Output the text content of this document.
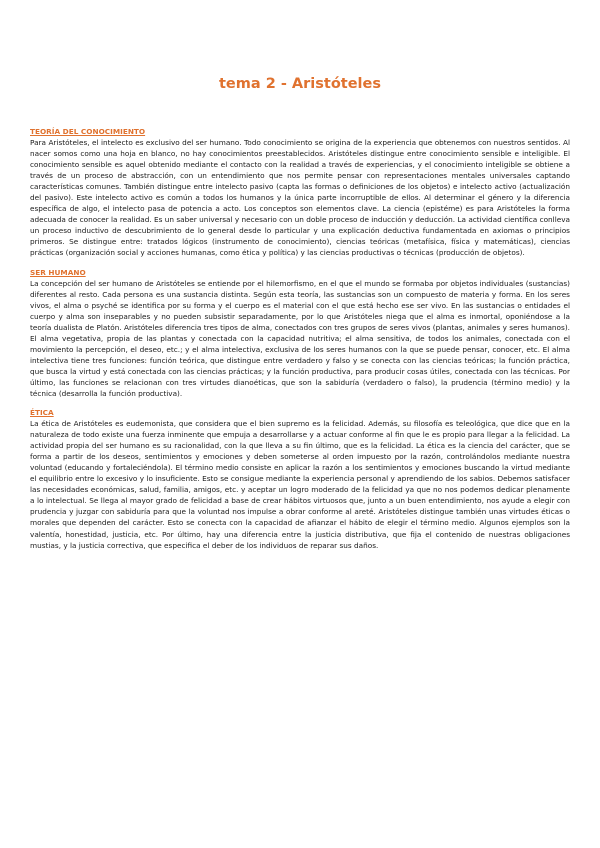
tema 2 - Aristóteles
TEORÍA DEL CONOCIMIENTO

Para Aristóteles, el intelecto es exclusivo del ser humano. Todo conocimiento se origina de la experiencia que obtenemos con nuestros sentidos. Al nacer somos como una hoja en blanco, no hay conocimientos preestablecidos. Aristóteles distingue entre conocimiento sensible e inteligible. El conocimiento sensible es aquel obtenido mediante el contacto con la realidad a través de experiencias, y el conocimiento inteligible se obtiene a través de un proceso de abstracción, con un entendimiento que nos permite pensar con representaciones mentales universales captando características comunes. También distingue entre intelecto pasivo (capta las formas o definiciones de los objetos) e intelecto activo (actualización del pasivo). Este intelecto activo es común a todos los humanos y la única parte incorruptible de ellos. Al determinar el género y la diferencia específica de algo, el intelecto pasa de potencia a acto. Los conceptos son elementos clave. La ciencia (epistéme) es para Aristóteles la forma adecuada de conocer la realidad. Es un saber universal y necesario con un doble proceso de inducción y deducción. La actividad científica conlleva un proceso inductivo de descubrimiento de lo general desde lo particular y una explicación deductiva fundamentada en axiomas o principios primeros. Se distingue entre: tratados lógicos (instrumento de conocimiento), ciencias teóricas (metafísica, física y matemáticas), ciencias prácticas (organización social y acciones humanas, como ética y política) y las ciencias productivas o técnicas (producción de objetos).

SER HUMANO

La concepción del ser humano de Aristóteles se entiende por el hilemorfismo, en el que el mundo se formaba por objetos individuales (sustancias) diferentes al resto. Cada persona es una sustancia distinta. Según esta teoría, las sustancias son un compuesto de materia y forma. En los seres vivos, el alma o psyché se identifica por su forma y el cuerpo es el material con el que está hecho ese ser vivo. En las sustancias o entidades el cuerpo y alma son inseparables y no pueden subsistir separadamente, por lo que Aristóteles niega que el alma es inmortal, oponiéndose a la teoría dualista de Platón. Aristóteles diferencia tres tipos de alma, conectados con tres grupos de seres vivos (plantas, animales y seres humanos). El alma vegetativa, propia de las plantas y conectada con la capacidad nutritiva; el alma sensitiva, de todos los animales, conectada con el movimiento la percepción, el deseo, etc.; y el alma intelectiva, exclusiva de los seres humanos con la que se puede pensar, conocer, etc. El alma intelectiva tiene tres funciones: función teórica, que distingue entre verdadero y falso y se conecta con las ciencias teóricas; la función práctica, que busca la virtud y está conectada con las ciencias prácticas; y la función productiva, para producir cosas útiles, conectada con las técnicas. Por último, las funciones se relacionan con tres virtudes dianoéticas, que son la sabiduría (verdadero o falso), la prudencia (término medio) y la técnica (desarrolla la función productiva).

ÉTICA

La ética de Aristóteles es eudemonista, que considera que el bien supremo es la felicidad. Además, su filosofía es teleológica, que dice que en la naturaleza de todo existe una fuerza inminente que empuja a desarrollarse y a actuar conforme al fin que le es propio para llegar a la felicidad. La actividad propia del ser humano es su racionalidad, con la que lleva a su fin último, que es la felicidad. La ética es la ciencia del carácter, que se forma a partir de los deseos, sentimientos y emociones y deben someterse al orden impuesto por la razón, controlándolos mediante nuestra voluntad (educando y fortaleciéndola). El término medio consiste en aplicar la razón a los sentimientos y emociones buscando la virtud mediante el equilibrio entre lo excesivo y lo insuficiente. Esto se consigue mediante la experiencia personal y aprendiendo de los sabios. Debemos satisfacer las necesidades económicas, salud, familia, amigos, etc. y aceptar un logro moderado de la felicidad ya que no nos podemos dedicar plenamente a lo intelectual. Se llega al mayor grado de felicidad a base de crear hábitos virtuosos que, junto a un buen entendimiento, nos ayude a elegir con prudencia y juzgar con sabiduría para que la voluntad nos impulse a obrar conforme al areté. Aristóteles distingue también unas virtudes éticas o morales que dependen del carácter. Esto se conecta con la capacidad de afianzar el hábito de elegir el término medio. Algunos ejemplos son la valentía, honestidad, justicia, etc. Por último, hay una diferencia entre la justicia distributiva, que fija el contenido de nuestras obligaciones mustias, y la justicia correctiva, que especifica el deber de los individuos de reparar sus daños.
